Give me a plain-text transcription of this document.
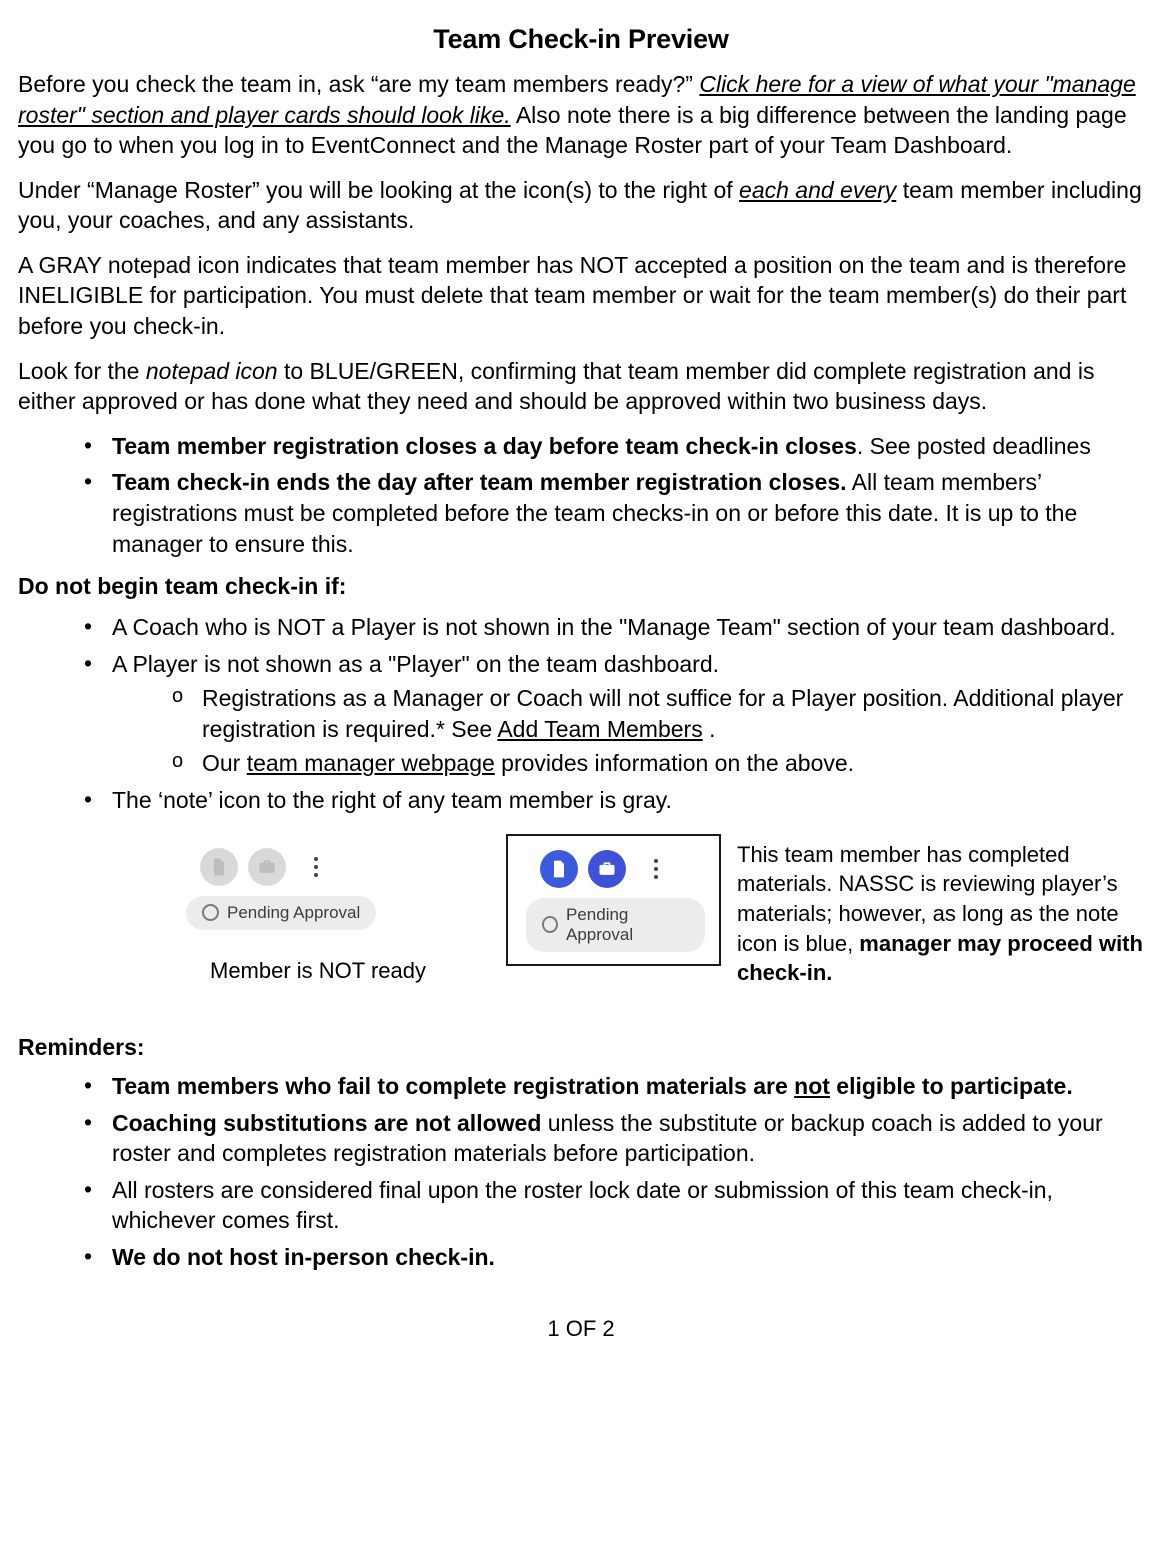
Team Check-in Preview

Before you check the team in, ask “are my team members ready?” Click here for a view of what your "manage roster" section and player cards should look like. Also note there is a big difference between the landing page you go to when you log in to EventConnect and the Manage Roster part of your Team Dashboard.

Under “Manage Roster” you will be looking at the icon(s) to the right of each and every team member including you, your coaches, and any assistants.

A GRAY notepad icon indicates that team member has NOT accepted a position on the team and is therefore INELIGIBLE for participation. You must delete that team member or wait for the team member(s) do their part before you check-in.

Look for the notepad icon to BLUE/GREEN, confirming that team member did complete registration and is either approved or has done what they need and should be approved within two business days.

• Team member registration closes a day before team check-in closes. See posted deadlines
• Team check-in ends the day after team member registration closes. All team members’ registrations must be completed before the team checks-in on or before this date. It is up to the manager to ensure this.
Do not begin team check-in if:
• A Coach who is NOT a Player is not shown in the "Manage Team" section of your team dashboard.
• A Player is not shown as a "Player" on the team dashboard.
o Registrations as a Manager or Coach will not suffice for a Player position. Additional player registration is required.* See Add Team Members .
o Our team manager webpage provides information on the above.
• The ‘note’ icon to the right of any team member is gray.
Pending Approval
Member is NOT ready
Pending Approval
This team member has completed materials. NASSC is reviewing player’s materials; however, as long as the note icon is blue, manager may proceed with check-in.
Reminders:
• Team members who fail to complete registration materials are not eligible to participate.
• Coaching substitutions are not allowed unless the substitute or backup coach is added to your roster and completes registration materials before participation.
• All rosters are considered final upon the roster lock date or submission of this team check-in, whichever comes first.
• We do not host in-person check-in.
1 OF 2
